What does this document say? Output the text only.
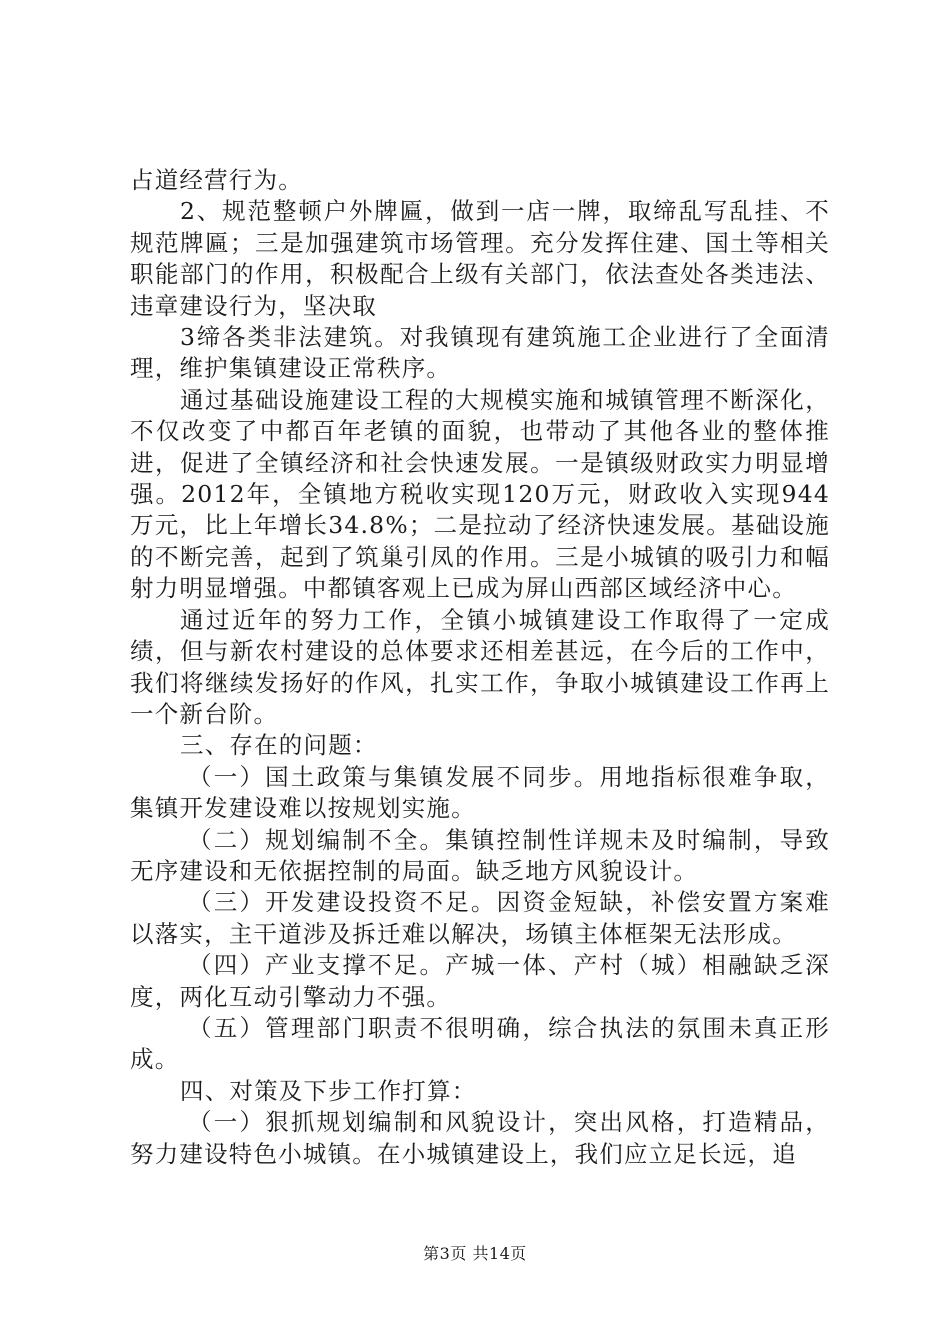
占道经营行为。

2、规范整顿户外牌匾，做到一店一牌，取缔乱写乱挂、不规范牌匾；三是加强建筑市场管理。充分发挥住建、国土等相关职能部门的作用，积极配合上级有关部门，依法查处各类违法、违章建设行为，坚决取

3缔各类非法建筑。对我镇现有建筑施工企业进行了全面清理，维护集镇建设正常秩序。

通过基础设施建设工程的大规模实施和城镇管理不断深化，不仅改变了中都百年老镇的面貌，也带动了其他各业的整体推进，促进了全镇经济和社会快速发展。一是镇级财政实力明显增强。2012年，全镇地方税收实现120万元，财政收入实现944万元，比上年增长34.8%；二是拉动了经济快速发展。基础设施的不断完善，起到了筑巢引凤的作用。三是小城镇的吸引力和幅射力明显增强。中都镇客观上已成为屏山西部区域经济中心。

通过近年的努力工作，全镇小城镇建设工作取得了一定成绩，但与新农村建设的总体要求还相差甚远，在今后的工作中，我们将继续发扬好的作风，扎实工作，争取小城镇建设工作再上一个新台阶。

三、存在的问题：

（一）国土政策与集镇发展不同步。用地指标很难争取，集镇开发建设难以按规划实施。

（二）规划编制不全。集镇控制性详规未及时编制，导致无序建设和无依据控制的局面。缺乏地方风貌设计。

（三）开发建设投资不足。因资金短缺，补偿安置方案难以落实，主干道涉及拆迁难以解决，场镇主体框架无法形成。

（四）产业支撑不足。产城一体、产村（城）相融缺乏深度，两化互动引擎动力不强。

（五）管理部门职责不很明确，综合执法的氛围未真正形成。

四、对策及下步工作打算：

（一）狠抓规划编制和风貌设计，突出风格，打造精品，努力建设特色小城镇。在小城镇建设上，我们应立足长远，追

第3页 共14页
